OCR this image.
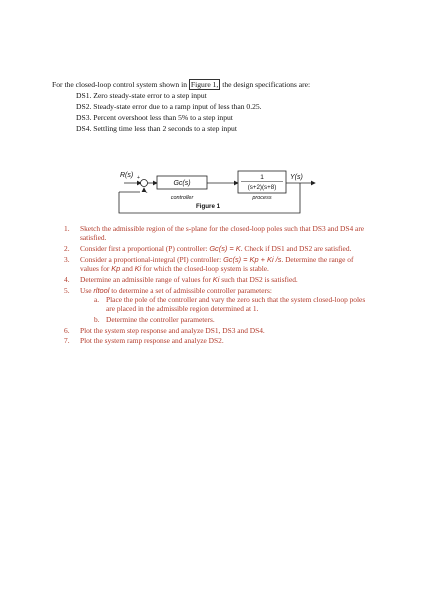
For the closed-loop control system shown in Figure 1, the design specifications are:
DS1. Zero steady-state error to a step input
DS2. Steady-state error due to a ramp input of less than 0.25.
DS3. Percent overshoot less than 5% to a step input
DS4. Settling time less than 2 seconds to a step input
R(s) +
-
Gc(s)
controller
1
(s+2)(s+8)
process
Y(s)
Figure 1
1. Sketch the admissible region of the s-plane for the closed-loop poles such that DS3 and DS4 are satisfied.
2. Consider first a proportional (P) controller: Gc(s) = K. Check if DS1 and DS2 are satisfied.
3. Consider a proportional-integral (PI) controller: Gc(s) = Kp + Ki /s. Determine the range of values for Kp and Ki for which the closed-loop system is stable.
4. Determine an admissible range of values for Ki such that DS2 is satisfied.
5. Use rltool to determine a set of admissible controller parameters:
a. Place the pole of the controller and vary the zero such that the system closed-loop poles are placed in the admissible region determined at 1.
b. Determine the controller parameters.
6. Plot the system step response and analyze DS1, DS3 and DS4.
7. Plot the system ramp response and analyze DS2.
